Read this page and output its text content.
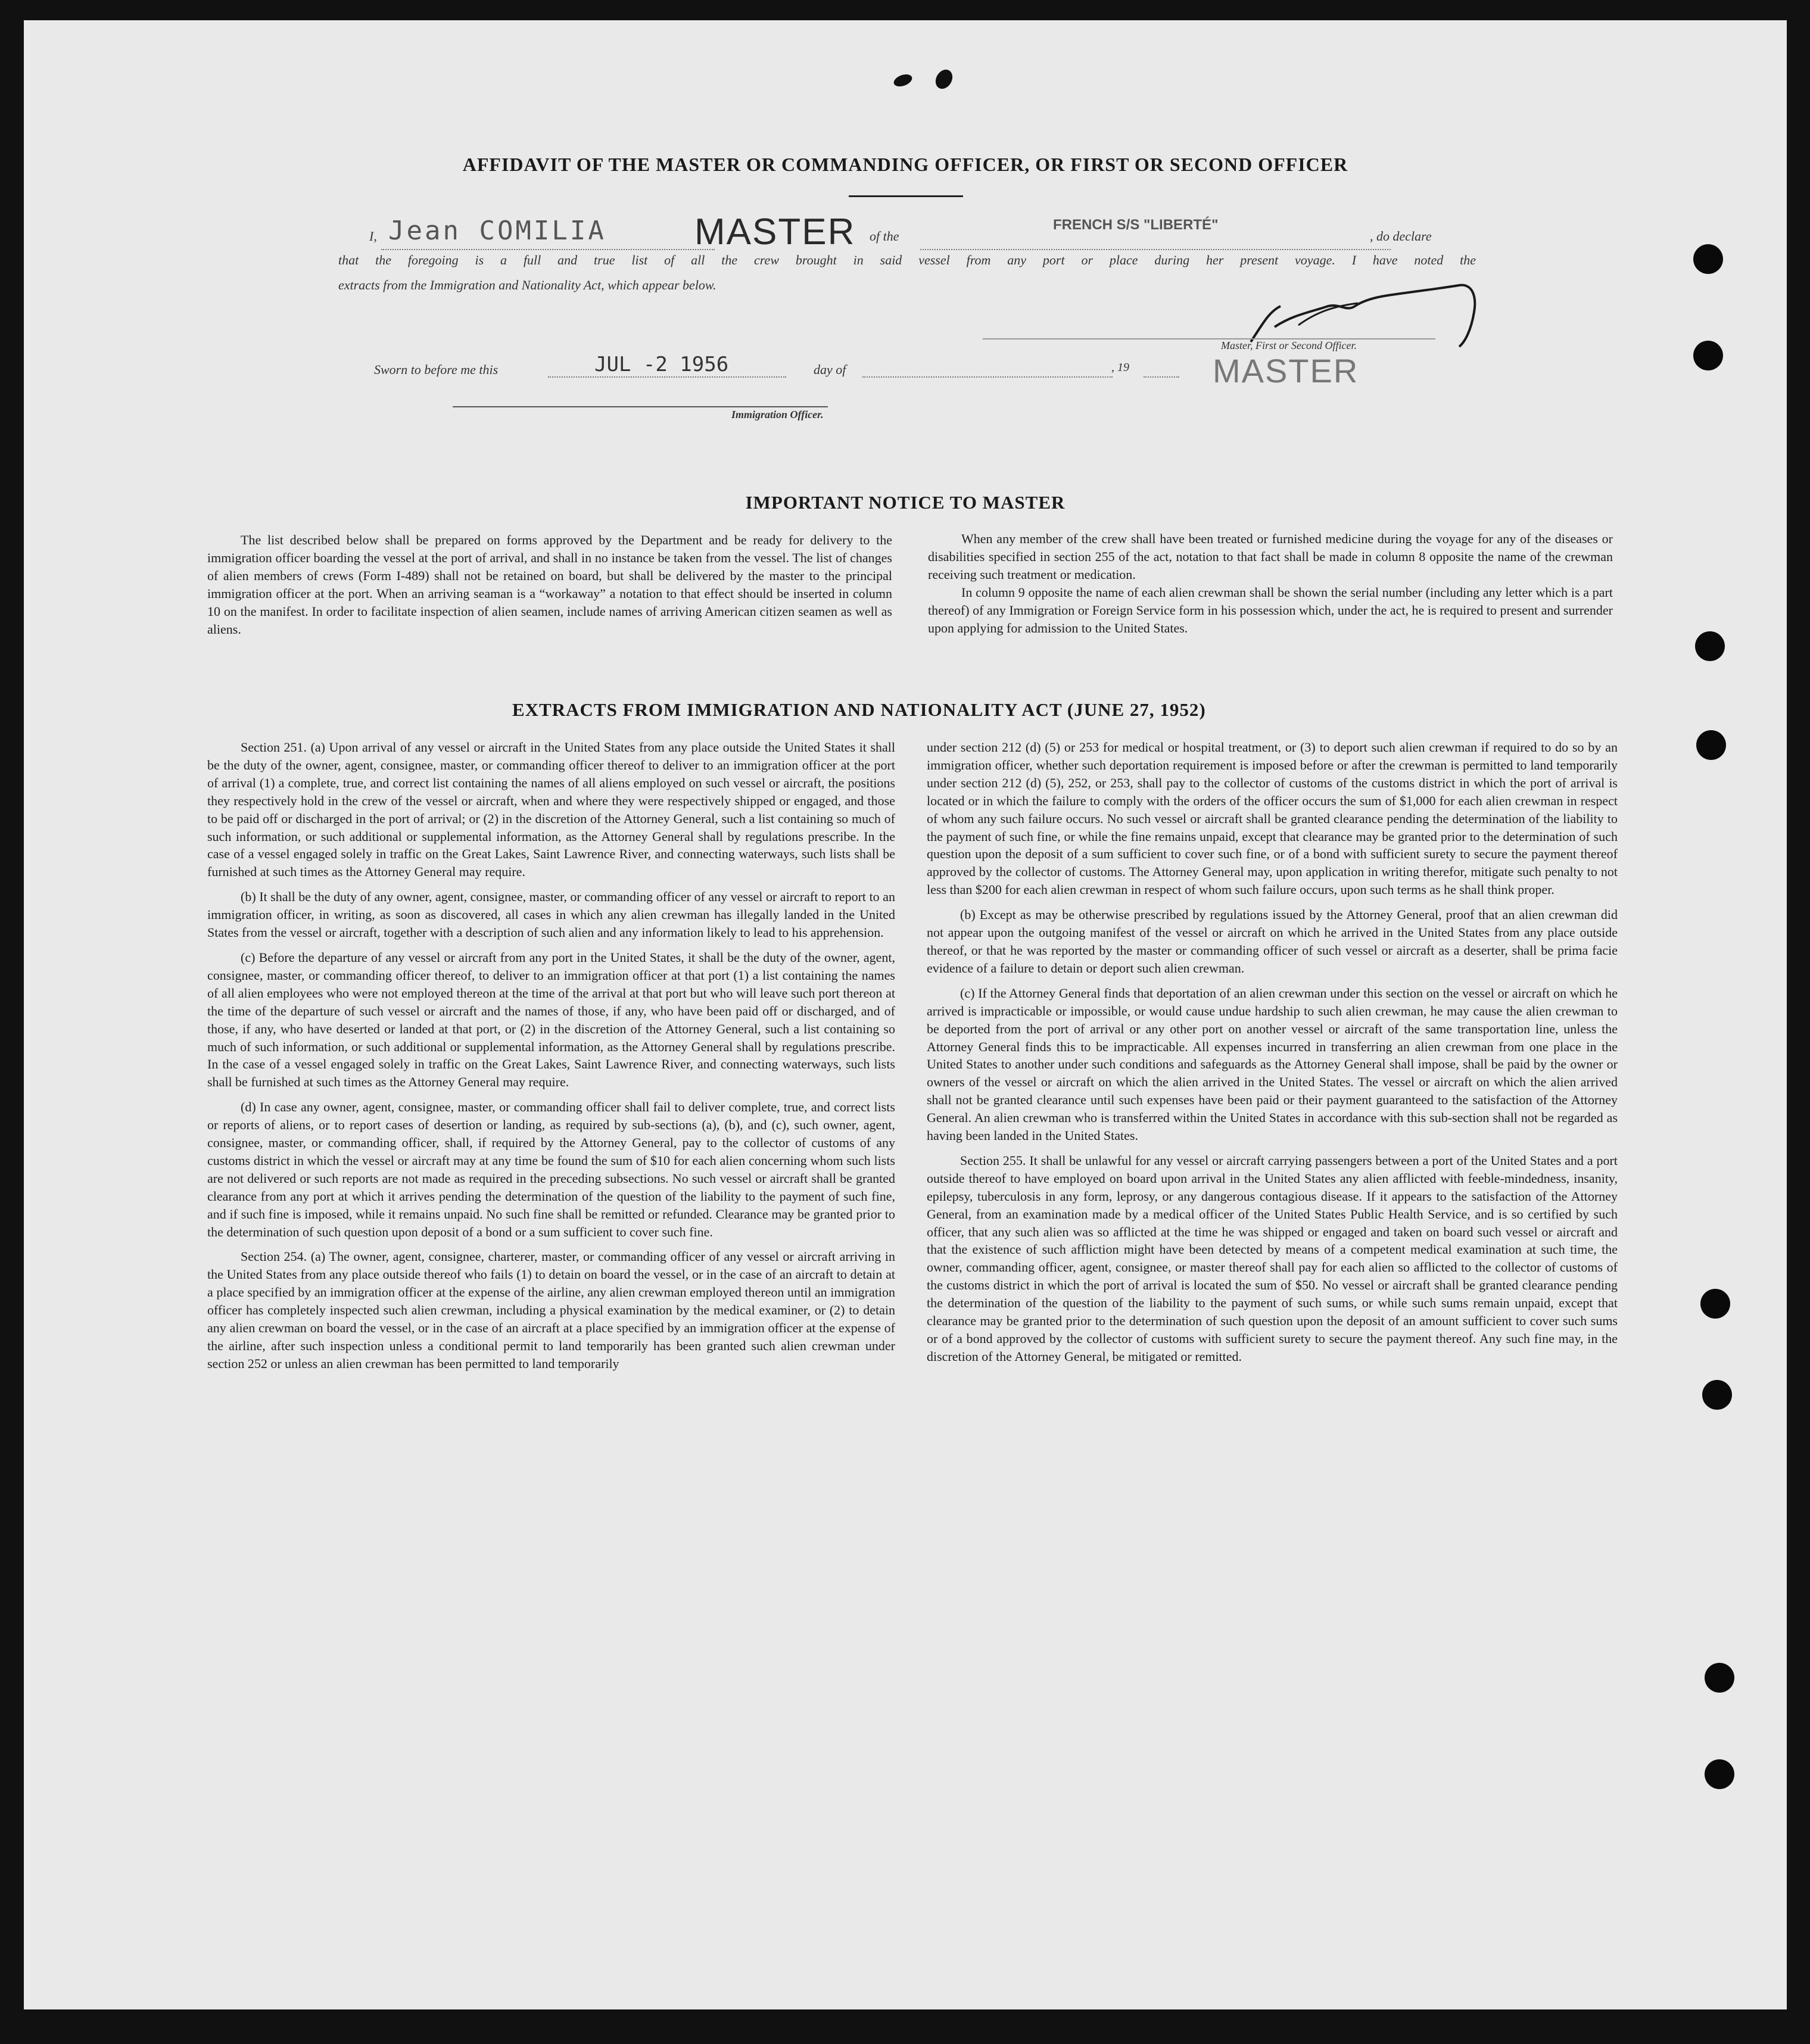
AFFIDAVIT OF THE MASTER OR COMMANDING OFFICER, OR FIRST OR SECOND OFFICER
I, Jean COMILIA MASTER of the
FRENCH S/S "LIBERTÉ"
, do declare
that the foregoing is a full and true list of all the crew brought in said vessel from any port or place during her present voyage. I have noted the
extracts from the Immigration and Nationality Act, which appear below.
Master, First or Second Officer.
MASTER
Sworn to before me this	JUL -2 1956	day of	, 19
Immigration Officer.
IMPORTANT NOTICE TO MASTER

The list described below shall be prepared on forms approved by the Department and be ready for delivery to the immigration officer boarding the vessel at the port of arrival, and shall in no instance be taken from the vessel. The list of changes of alien members of crews (Form I-489) shall not be retained on board, but shall be delivered by the master to the principal immigration officer at the port. When an arriving seaman is a “workaway” a notation to that effect should be inserted in column 10 on the manifest. In order to facilitate inspection of alien seamen, include names of arriving American citizen seamen as well as aliens.

When any member of the crew shall have been treated or furnished medicine during the voyage for any of the diseases or disabilities specified in section 255 of the act, notation to that fact shall be made in column 8 opposite the name of the crewman receiving such treatment or medication.

In column 9 opposite the name of each alien crewman shall be shown the serial number (including any letter which is a part thereof) of any Immigration or Foreign Service form in his possession which, under the act, he is required to present and surrender upon applying for admission to the United States.

EXTRACTS FROM IMMIGRATION AND NATIONALITY ACT (JUNE 27, 1952)

Section 251. (a) Upon arrival of any vessel or aircraft in the United States from any place outside the United States it shall be the duty of the owner, agent, consignee, master, or commanding officer thereof to deliver to an immigration officer at the port of arrival (1) a complete, true, and correct list containing the names of all aliens employed on such vessel or aircraft, the positions they respectively hold in the crew of the vessel or aircraft, when and where they were respectively shipped or engaged, and those to be paid off or discharged in the port of arrival; or (2) in the discretion of the Attorney General, such a list containing so much of such information, or such additional or supplemental information, as the Attorney General shall by regulations prescribe. In the case of a vessel engaged solely in traffic on the Great Lakes, Saint Lawrence River, and connecting waterways, such lists shall be furnished at such times as the Attorney General may require.

(b) It shall be the duty of any owner, agent, consignee, master, or commanding officer of any vessel or aircraft to report to an immigration officer, in writing, as soon as discovered, all cases in which any alien crewman has illegally landed in the United States from the vessel or aircraft, together with a description of such alien and any information likely to lead to his apprehension.

(c) Before the departure of any vessel or aircraft from any port in the United States, it shall be the duty of the owner, agent, consignee, master, or commanding officer thereof, to deliver to an immigration officer at that port (1) a list containing the names of all alien employees who were not employed thereon at the time of the arrival at that port but who will leave such port thereon at the time of the departure of such vessel or aircraft and the names of those, if any, who have been paid off or discharged, and of those, if any, who have deserted or landed at that port, or (2) in the discretion of the Attorney General, such a list containing so much of such information, or such additional or supplemental information, as the Attorney General shall by regulations prescribe. In the case of a vessel engaged solely in traffic on the Great Lakes, Saint Lawrence River, and connecting waterways, such lists shall be furnished at such times as the Attorney General may require.

(d) In case any owner, agent, consignee, master, or commanding officer shall fail to deliver complete, true, and correct lists or reports of aliens, or to report cases of desertion or landing, as required by sub-sections (a), (b), and (c), such owner, agent, consignee, master, or commanding officer, shall, if required by the Attorney General, pay to the collector of customs of any customs district in which the vessel or aircraft may at any time be found the sum of $10 for each alien concerning whom such lists are not delivered or such reports are not made as required in the preceding subsections. No such vessel or aircraft shall be granted clearance from any port at which it arrives pending the determination of the question of the liability to the payment of such fine, and if such fine is imposed, while it remains unpaid. No such fine shall be remitted or refunded. Clearance may be granted prior to the determination of such question upon deposit of a bond or a sum sufficient to cover such fine.

Section 254. (a) The owner, agent, consignee, charterer, master, or commanding officer of any vessel or aircraft arriving in the United States from any place outside thereof who fails (1) to detain on board the vessel, or in the case of an aircraft to detain at a place specified by an immigration officer at the expense of the airline, any alien crewman employed thereon until an immigration officer has completely inspected such alien crewman, including a physical examination by the medical examiner, or (2) to detain any alien crewman on board the vessel, or in the case of an aircraft at a place specified by an immigration officer at the expense of the airline, after such inspection unless a conditional permit to land temporarily has been granted such alien crewman under section 252 or unless an alien crewman has been permitted to land temporarily

under section 212 (d) (5) or 253 for medical or hospital treatment, or (3) to deport such alien crewman if required to do so by an immigration officer, whether such deportation requirement is imposed before or after the crewman is permitted to land temporarily under section 212 (d) (5), 252, or 253, shall pay to the collector of customs of the customs district in which the port of arrival is located or in which the failure to comply with the orders of the officer occurs the sum of $1,000 for each alien crewman in respect of whom any such failure occurs. No such vessel or aircraft shall be granted clearance pending the determination of the liability to the payment of such fine, or while the fine remains unpaid, except that clearance may be granted prior to the determination of such question upon the deposit of a sum sufficient to cover such fine, or of a bond with sufficient surety to secure the payment thereof approved by the collector of customs. The Attorney General may, upon application in writing therefor, mitigate such penalty to not less than $200 for each alien crewman in respect of whom such failure occurs, upon such terms as he shall think proper.

(b) Except as may be otherwise prescribed by regulations issued by the Attorney General, proof that an alien crewman did not appear upon the outgoing manifest of the vessel or aircraft on which he arrived in the United States from any place outside thereof, or that he was reported by the master or commanding officer of such vessel or aircraft as a deserter, shall be prima facie evidence of a failure to detain or deport such alien crewman.

(c) If the Attorney General finds that deportation of an alien crewman under this section on the vessel or aircraft on which he arrived is impracticable or impossible, or would cause undue hardship to such alien crewman, he may cause the alien crewman to be deported from the port of arrival or any other port on another vessel or aircraft of the same transportation line, unless the Attorney General finds this to be impracticable. All expenses incurred in transferring an alien crewman from one place in the United States to another under such conditions and safeguards as the Attorney General shall impose, shall be paid by the owner or owners of the vessel or aircraft on which the alien arrived in the United States. The vessel or aircraft on which the alien arrived shall not be granted clearance until such expenses have been paid or their payment guaranteed to the satisfaction of the Attorney General. An alien crewman who is transferred within the United States in accordance with this sub-section shall not be regarded as having been landed in the United States.

Section 255. It shall be unlawful for any vessel or aircraft carrying passengers between a port of the United States and a port outside thereof to have employed on board upon arrival in the United States any alien afflicted with feeble-mindedness, insanity, epilepsy, tuberculosis in any form, leprosy, or any dangerous contagious disease. If it appears to the satisfaction of the Attorney General, from an examination made by a medical officer of the United States Public Health Service, and is so certified by such officer, that any such alien was so afflicted at the time he was shipped or engaged and taken on board such vessel or aircraft and that the existence of such affliction might have been detected by means of a competent medical examination at such time, the owner, commanding officer, agent, consignee, or master thereof shall pay for each alien so afflicted to the collector of customs of the customs district in which the port of arrival is located the sum of $50. No vessel or aircraft shall be granted clearance pending the determination of the question of the liability to the payment of such sums, or while such sums remain unpaid, except that clearance may be granted prior to the determination of such question upon the deposit of an amount sufficient to cover such sums or of a bond approved by the collector of customs with sufficient surety to secure the payment thereof. Any such fine may, in the discretion of the Attorney General, be mitigated or remitted.
